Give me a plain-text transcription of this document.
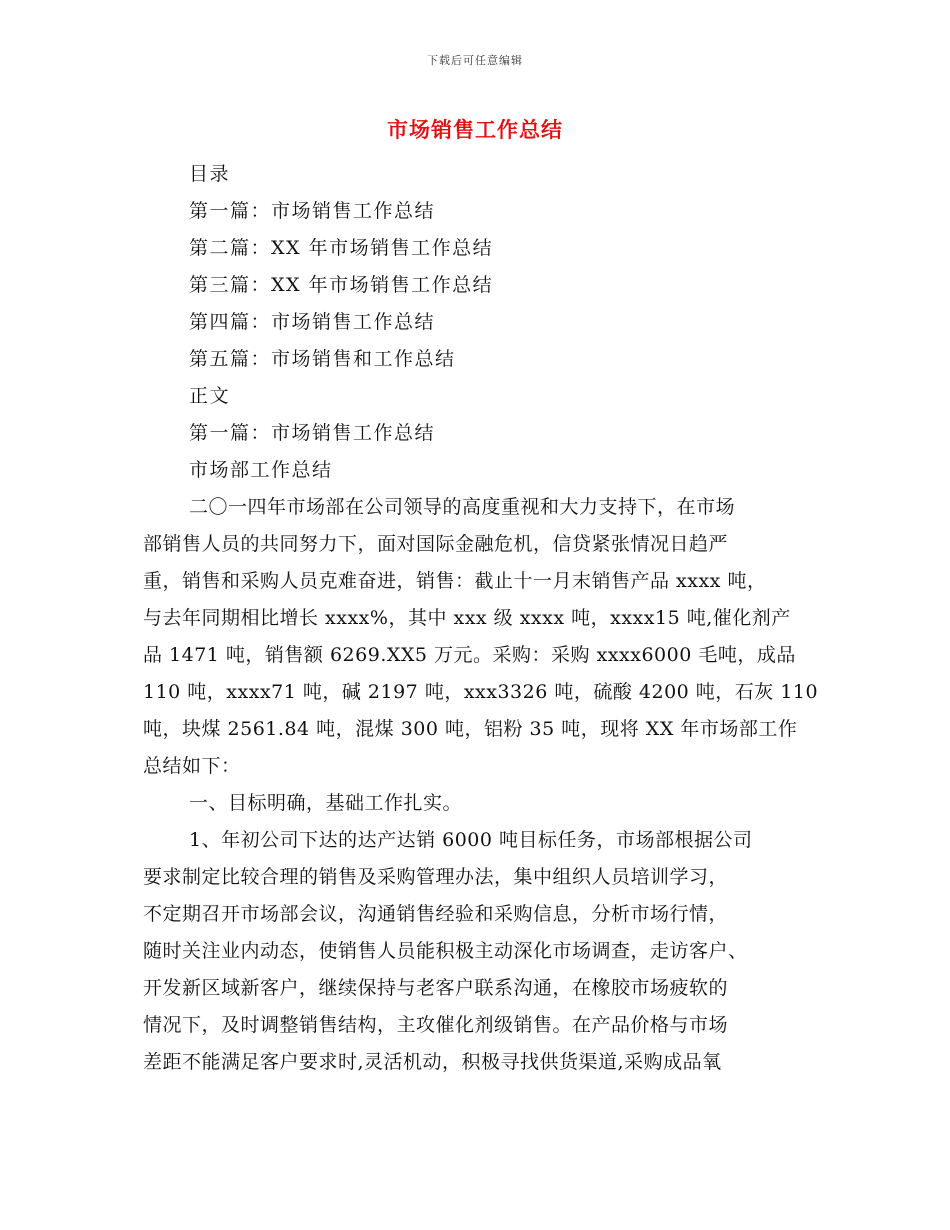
下载后可任意编辑
市场销售工作总结
目录
第一篇：市场销售工作总结
第二篇：XX 年市场销售工作总结
第三篇：XX 年市场销售工作总结
第四篇：市场销售工作总结
第五篇：市场销售和工作总结
正文
第一篇：市场销售工作总结
市场部工作总结
二〇一四年市场部在公司领导的高度重视和大力支持下，在市场
部销售人员的共同努力下，面对国际金融危机，信贷紧张情况日趋严
重，销售和采购人员克难奋进，销售：截止十一月末销售产品 xxxx 吨，
与去年同期相比增长 xxxx%，其中 xxx 级 xxxx 吨，xxxx15 吨,催化剂产
品 1471 吨，销售额 6269.XX5 万元。采购：采购 xxxx6000 毛吨，成品
110 吨，xxxx71 吨，碱 2197 吨，xxx3326 吨，硫酸 4200 吨，石灰 110
吨，块煤 2561.84 吨，混煤 300 吨，铝粉 35 吨，现将 XX 年市场部工作
总结如下：
一、目标明确，基础工作扎实。
1、年初公司下达的达产达销 6000 吨目标任务，市场部根据公司
要求制定比较合理的销售及采购管理办法，集中组织人员培训学习，
不定期召开市场部会议，沟通销售经验和采购信息，分析市场行情，
随时关注业内动态，使销售人员能积极主动深化市场调查，走访客户、
开发新区域新客户，继续保持与老客户联系沟通，在橡胶市场疲软的
情况下，及时调整销售结构，主攻催化剂级销售。在产品价格与市场
差距不能满足客户要求时,灵活机动，积极寻找供货渠道,采购成品氧
